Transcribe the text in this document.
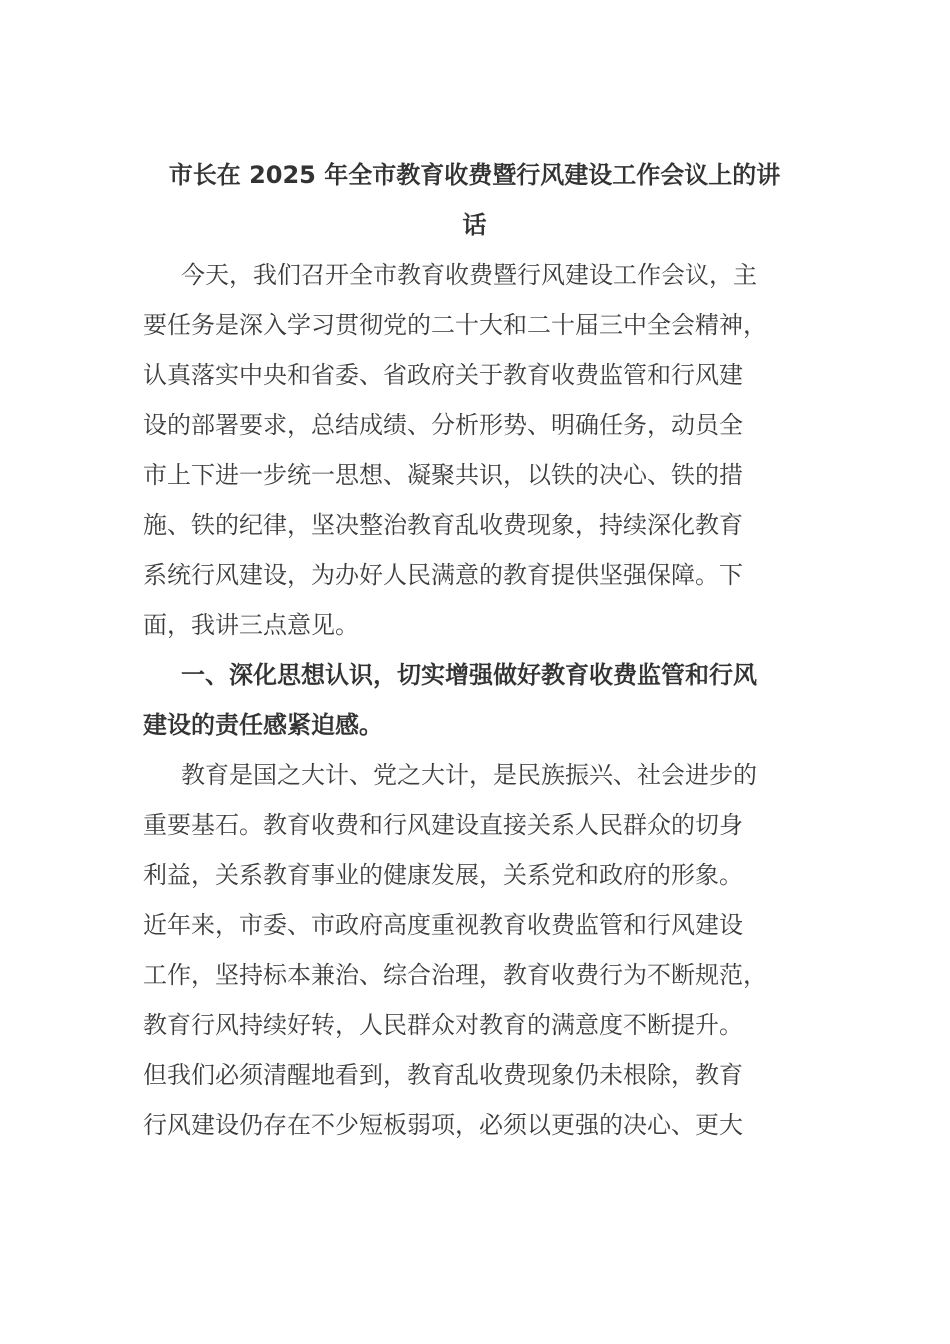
市长在 2025 年全市教育收费暨行风建设工作会议上的讲
话

今天，我们召开全市教育收费暨行风建设工作会议，主
要任务是深入学习贯彻党的二十大和二十届三中全会精神，
认真落实中央和省委、省政府关于教育收费监管和行风建
设的部署要求，总结成绩、分析形势、明确任务，动员全
市上下进一步统一思想、凝聚共识，以铁的决心、铁的措
施、铁的纪律，坚决整治教育乱收费现象，持续深化教育
系统行风建设，为办好人民满意的教育提供坚强保障。下
面，我讲三点意见。

一、深化思想认识，切实增强做好教育收费监管和行风
建设的责任感紧迫感。

教育是国之大计、党之大计，是民族振兴、社会进步的
重要基石。教育收费和行风建设直接关系人民群众的切身
利益，关系教育事业的健康发展，关系党和政府的形象。
近年来，市委、市政府高度重视教育收费监管和行风建设
工作，坚持标本兼治、综合治理，教育收费行为不断规范，
教育行风持续好转，人民群众对教育的满意度不断提升。
但我们必须清醒地看到，教育乱收费现象仍未根除，教育
行风建设仍存在不少短板弱项，必须以更强的决心、更大
